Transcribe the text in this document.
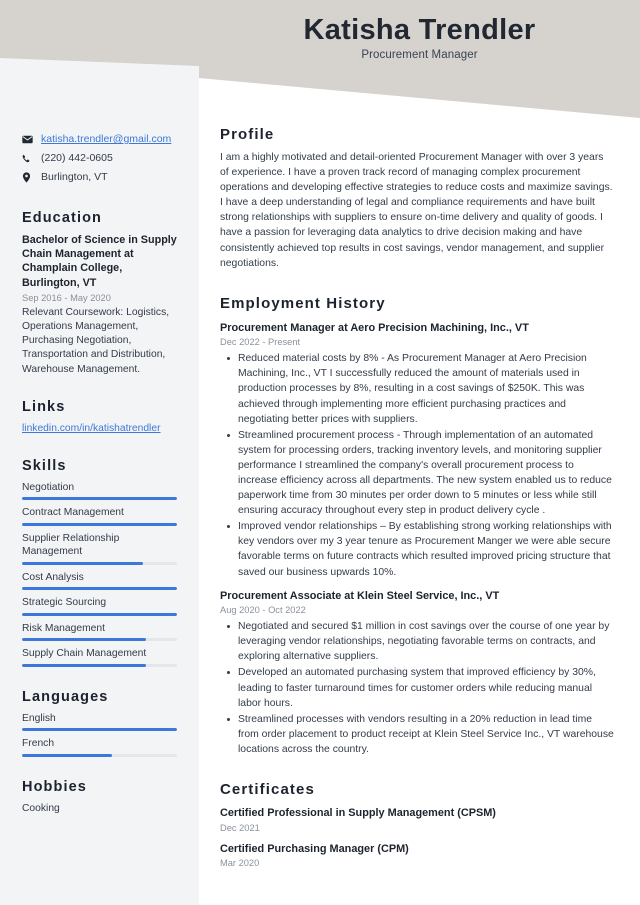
Katisha Trendler
Procurement Manager
katisha.trendler@gmail.com
(220) 442-0605
Burlington, VT
Education
Bachelor of Science in Supply Chain Management at Champlain College, Burlington, VT
Sep 2016 - May 2020
Relevant Coursework: Logistics, Operations Management, Purchasing Negotiation, Transportation and Distribution, Warehouse Management.
Links
linkedin.com/in/katishatrendler
Skills
Negotiation
Contract Management
Supplier Relationship Management
Cost Analysis
Strategic Sourcing
Risk Management
Supply Chain Management
Languages
English
French
Hobbies
Cooking
Profile
I am a highly motivated and detail-oriented Procurement Manager with over 3 years of experience. I have a proven track record of managing complex procurement operations and developing effective strategies to reduce costs and maximize savings. I have a deep understanding of legal and compliance requirements and have built strong relationships with suppliers to ensure on-time delivery and quality of goods. I have a passion for leveraging data analytics to drive decision making and have consistently achieved top results in cost savings, vendor management, and supplier negotiations.
Employment History
Procurement Manager at Aero Precision Machining, Inc., VT
Dec 2022 - Present
Reduced material costs by 8% - As Procurement Manager at Aero Precision Machining, Inc., VT I successfully reduced the amount of materials used in production processes by 8%, resulting in a cost savings of $250K. This was achieved through implementing more efficient purchasing practices and negotiating better prices with suppliers.
Streamlined procurement process - Through implementation of an automated system for processing orders, tracking inventory levels, and monitoring supplier performance I streamlined the company's overall procurement process to increase efficiency across all departments. The new system enabled us to reduce paperwork time from 30 minutes per order down to 5 minutes or less while still ensuring accuracy throughout every step in product delivery cycle .
Improved vendor relationships – By establishing strong working relationships with key vendors over my 3 year tenure as Procurement Manger we were able secure favorable terms on future contracts which resulted improved pricing structure that saved our business upwards 10%.
Procurement Associate at Klein Steel Service, Inc., VT
Aug 2020 - Oct 2022
Negotiated and secured $1 million in cost savings over the course of one year by leveraging vendor relationships, negotiating favorable terms on contracts, and exploring alternative suppliers.
Developed an automated purchasing system that improved efficiency by 30%, leading to faster turnaround times for customer orders while reducing manual labor hours.
Streamlined processes with vendors resulting in a 20% reduction in lead time from order placement to product receipt at Klein Steel Service Inc., VT warehouse locations across the country.
Certificates
Certified Professional in Supply Management (CPSM)
Dec 2021
Certified Purchasing Manager (CPM)
Mar 2020
